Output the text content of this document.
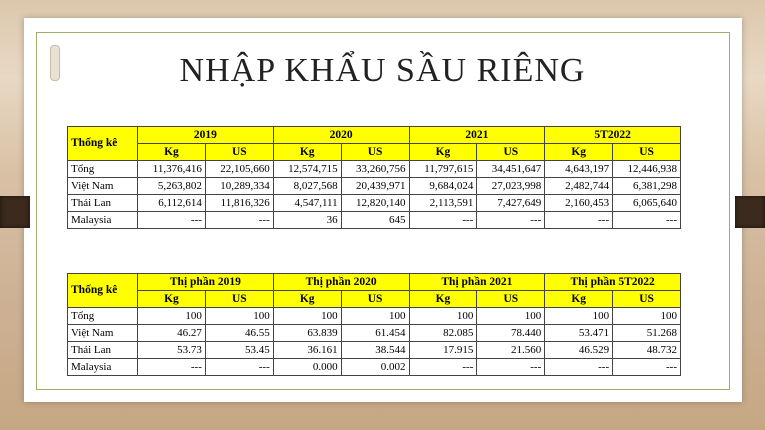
NHẬP KHẨU SẦU RIÊNG
Thống kê	2019		2020		2021		5T2022	
	Kg	US	Kg	US	Kg	US	Kg	US
Tổng	11,376,416	22,105,660	12,574,715	33,260,756	11,797,615	34,451,647	4,643,197	12,446,938
Việt Nam	5,263,802	10,289,334	8,027,568	20,439,971	9,684,024	27,023,998	2,482,744	6,381,298
Thái Lan	6,112,614	11,816,326	4,547,111	12,820,140	2,113,591	7,427,649	2,160,453	6,065,640
Malaysia	---	---	36	645	---	---	---	---
Thống kê	Thị phần 2019		Thị phần 2020		Thị phần 2021		Thị phần 5T2022	
	Kg	US	Kg	US	Kg	US	Kg	US
Tổng	100	100	100	100	100	100	100	100
Việt Nam	46.27	46.55	63.839	61.454	82.085	78.440	53.471	51.268
Thái Lan	53.73	53.45	36.161	38.544	17.915	21.560	46.529	48.732
Malaysia	---	---	0.000	0.002	---	---	---	---
